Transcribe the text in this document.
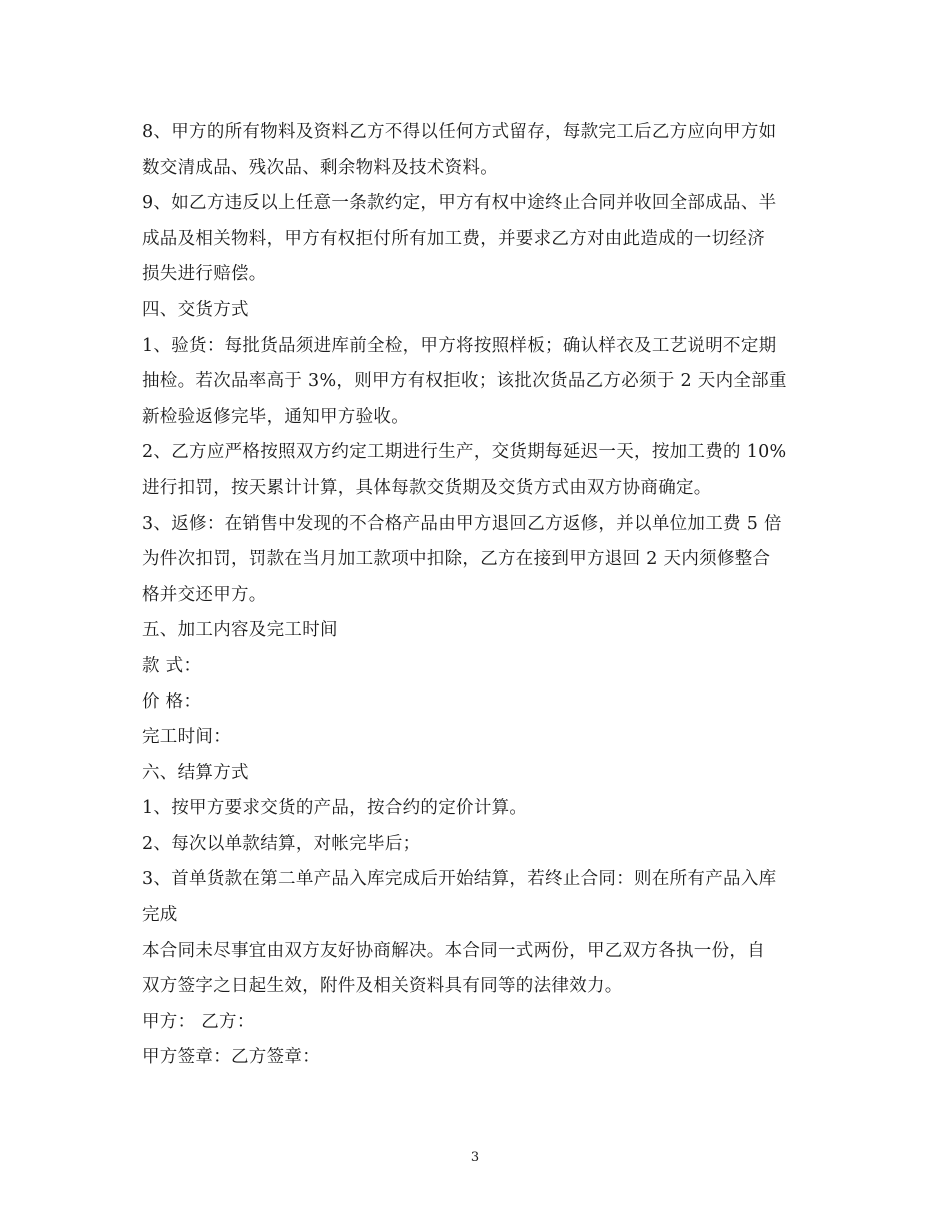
8、甲方的所有物料及资料乙方不得以任何方式留存，每款完工后乙方应向甲方如
数交清成品、残次品、剩余物料及技术资料。
9、如乙方违反以上任意一条款约定，甲方有权中途终止合同并收回全部成品、半
成品及相关物料，甲方有权拒付所有加工费，并要求乙方对由此造成的一切经济
损失进行赔偿。
四、交货方式
1、验货：每批货品须进库前全检，甲方将按照样板；确认样衣及工艺说明不定期
抽检。若次品率高于 3%，则甲方有权拒收；该批次货品乙方必须于 2 天内全部重
新检验返修完毕，通知甲方验收。
2、乙方应严格按照双方约定工期进行生产，交货期每延迟一天，按加工费的 10%
进行扣罚，按天累计计算，具体每款交货期及交货方式由双方协商确定。
3、返修：在销售中发现的不合格产品由甲方退回乙方返修，并以单位加工费 5 倍
为件次扣罚，罚款在当月加工款项中扣除，乙方在接到甲方退回 2 天内须修整合
格并交还甲方。
五、加工内容及完工时间
款 式：
价 格：
完工时间：
六、结算方式
1、按甲方要求交货的产品，按合约的定价计算。
2、每次以单款结算，对帐完毕后；
3、首单货款在第二单产品入库完成后开始结算，若终止合同：则在所有产品入库
完成
本合同未尽事宜由双方友好协商解决。本合同一式两份，甲乙双方各执一份，自
双方签字之日起生效，附件及相关资料具有同等的法律效力。
甲方： 乙方：
甲方签章：乙方签章：
3
